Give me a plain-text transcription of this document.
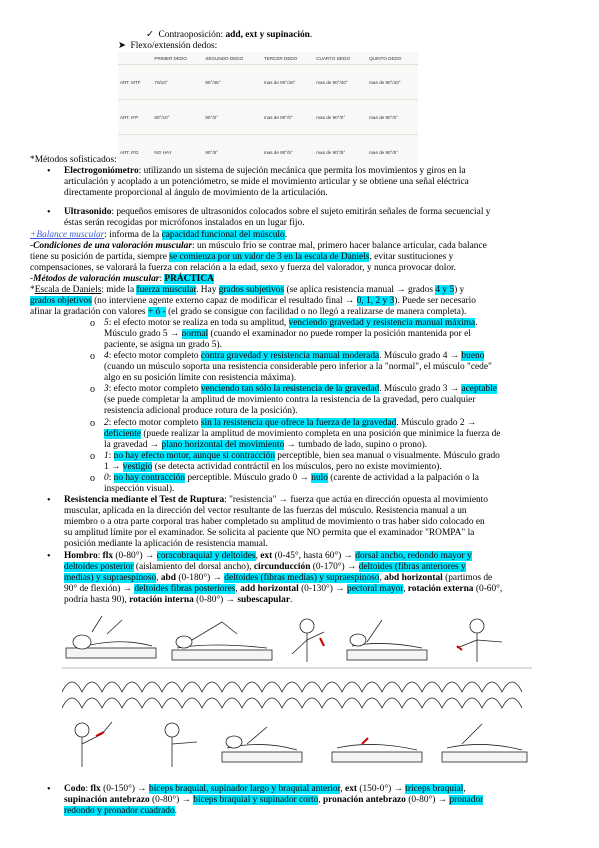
✓ Contraoposición: add, ext y supinación.
➤ Flexo/extensión dedos:
	PRIMER DEDO	SEGUNDO DEDO	TERCER DEDO	CUARTO DEDO	QUINTO DEDO
ART. MTF	70/10°	90°/45°	mas de 90°/40°	mas de 90°/40°	mas de 90°/40°
ART. IFP	80°/10°	90°/0°	mas de 90°/0°	mas de 90°/0°	mas de 90°/0°
ART. IFD	NO HAY	90°/5°	mas de 90°/5°	mas de 90°/5°	mas de 90°/5°
*Métodos sofisticados:
• Electrogoniómetro: utilizando un sistema de sujeción mecánica que permita los movimientos y giros en la
articulación y acoplado a un potenciómetro, se mide el movimiento articular y se obtiene una señal eléctrica
directamente proporcional al ángulo de movimiento de la articulación.
• Ultrasonido: pequeños emisores de ultrasonidos colocados sobre el sujeto emitirán señales de forma secuencial y
éstas serán recogidas por micrófonos instalados en un lugar fijo.
+Balance muscular: informa de la capacidad funcional del músculo.
-Condiciones de una valoración muscular: un músculo frío se contrae mal, primero hacer balance articular, cada balance
tiene su posición de partida, siempre se comienza por un valor de 3 en la escala de Daniels, evitar sustituciones y
compensaciones, se valorará la fuerza con relación a la edad, sexo y fuerza del valorador, y nunca provocar dolor.
-Métodos de valoración muscular: PRÁCTICA
*Escala de Daniels: mide la fuerza muscular. Hay grados subjetivos (se aplica resistencia manual → grados 4 y 5) y
grados objetivos (no interviene agente externo capaz de modificar el resultado final → 0, 1, 2 y 3). Puede ser necesario
afinar la gradación con valores + ó - (el grado se consigue con facilidad o no llegó a realizarse de manera completa).
o 5: el efecto motor se realiza en toda su amplitud, venciendo gravedad y resistencia manual máxima.
Músculo grado 5 → normal (cuando el examinador no puede romper la posición mantenida por el
paciente, se asigna un grado 5).
o 4: efecto motor completo contra gravedad y resistencia manual moderada. Músculo grado 4 → bueno
(cuando un músculo soporta una resistencia considerable pero inferior a la "normal", el músculo "cede"
algo en su posición límite con resistencia máxima).
o 3: efecto motor completo venciendo tan sólo la resistencia de la gravedad. Músculo grado 3 → aceptable
(se puede completar la amplitud de movimiento contra la resistencia de la gravedad, pero cualquier
resistencia adicional produce rotura de la posición).
o 2: efecto motor completo sin la resistencia que ofrece la fuerza de la gravedad. Músculo grado 2 →
deficiente (puede realizar la amplitud de movimiento completa en una posición que minimice la fuerza de
la gravedad → plano horizontal del movimiento → tumbado de lado, supino o prono).
o 1: no hay efecto motor, aunque sí contracción perceptible, bien sea manual o visualmente. Músculo grado
1 → vestigio (se detecta actividad contráctil en los músculos, pero no existe movimiento).
o 0: no hay contracción perceptible. Músculo grado 0 → nulo (carente de actividad a la palpación o la
inspección visual).
• Resistencia mediante el Test de Ruptura: "resistencia" → fuerza que actúa en dirección opuesta al movimiento
muscular, aplicada en la dirección del vector resultante de las fuerzas del músculo. Resistencia manual a un
miembro o a otra parte corporal tras haber completado su amplitud de movimiento o tras haber sido colocado en
su amplitud límite por el examinador. Se solicita al paciente que NO permita que el examinador "ROMPA" la
posición mediante la aplicación de resistencia manual.
• Hombro: flx (0-80°) → coracobraquial y deltoides, ext (0-45°, hasta 60°) → dorsal ancho, redondo mayor y
deltoides posterior (aislamiento del dorsal ancho), circunducción (0-170°) → deltoides (fibras anteriores y
medias) y supraespinoso, abd (0-180°) → deltoides (fibras medias) y supraespinoso, abd horizontal (partimos de
90° de flexión) → deltoides fibras posteriores, add horizontal (0-130°) → pectoral mayor, rotación externa (0-60°,
podría hasta 90), rotación interna (0-80°) → subescapular.
• Codo: flx (0-150°) → bíceps braquial, supinador largo y braquial anterior, ext (150-0°) → tríceps braquial,
supinación antebrazo (0-80°) → bíceps braquial y supinador corto, pronación antebrazo (0-80°) → pronador
redondo y pronador cuadrado.
